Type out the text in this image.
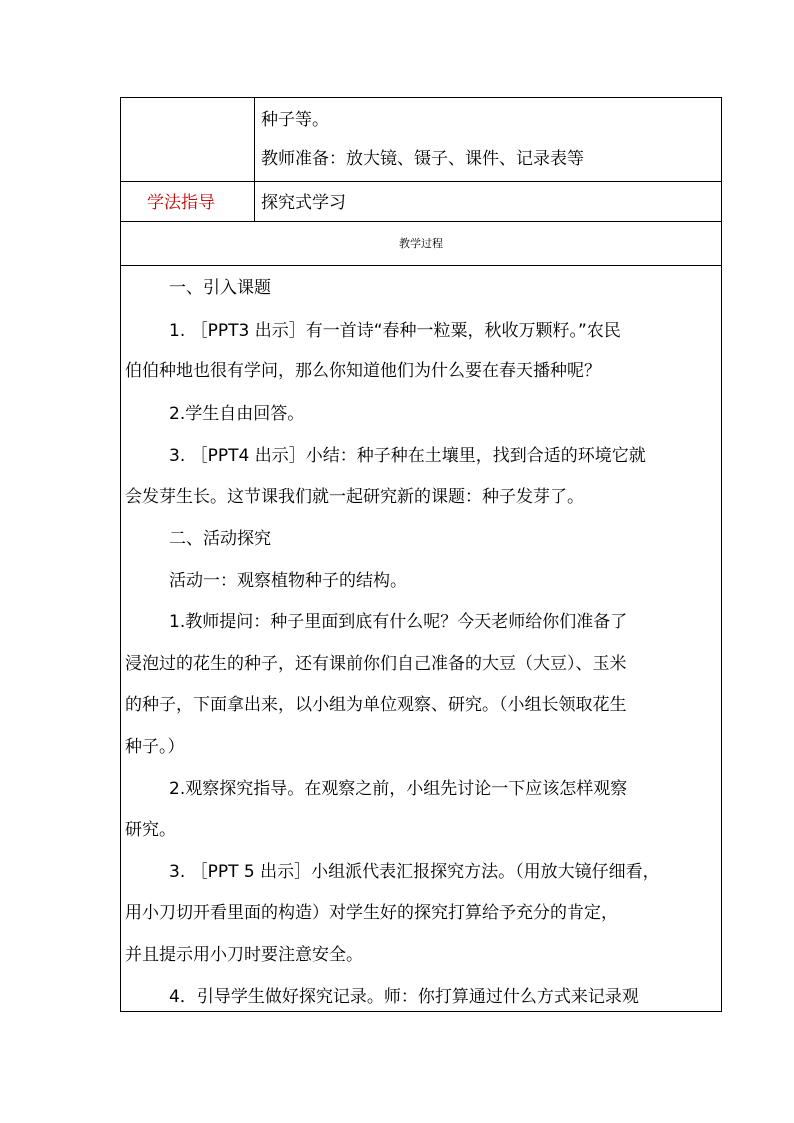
种子等。
教师准备：放大镜、镊子、课件、记录表等
学法指导	探究式学习
教学过程
一、引入课题
1. ［PPT3 出示］有一首诗“春种一粒粟，秋收万颗籽。”农民
伯伯种地也很有学问，那么你知道他们为什么要在春天播种呢？
2.学生自由回答。
3. ［PPT4 出示］小结：种子种在土壤里，找到合适的环境它就
会发芽生长。这节课我们就一起研究新的课题：种子发芽了。
二、活动探究
活动一：观察植物种子的结构。
1.教师提问：种子里面到底有什么呢？今天老师给你们准备了
浸泡过的花生的种子，还有课前你们自己准备的大豆（大豆）、玉米
的种子，下面拿出来，以小组为单位观察、研究。（小组长领取花生
种子。）
2.观察探究指导。在观察之前，小组先讨论一下应该怎样观察
研究。
3. ［PPT 5 出示］小组派代表汇报探究方法。（用放大镜仔细看，
用小刀切开看里面的构造）对学生好的探究打算给予充分的肯定，
并且提示用小刀时要注意安全。
4．引导学生做好探究记录。师：你打算通过什么方式来记录观
